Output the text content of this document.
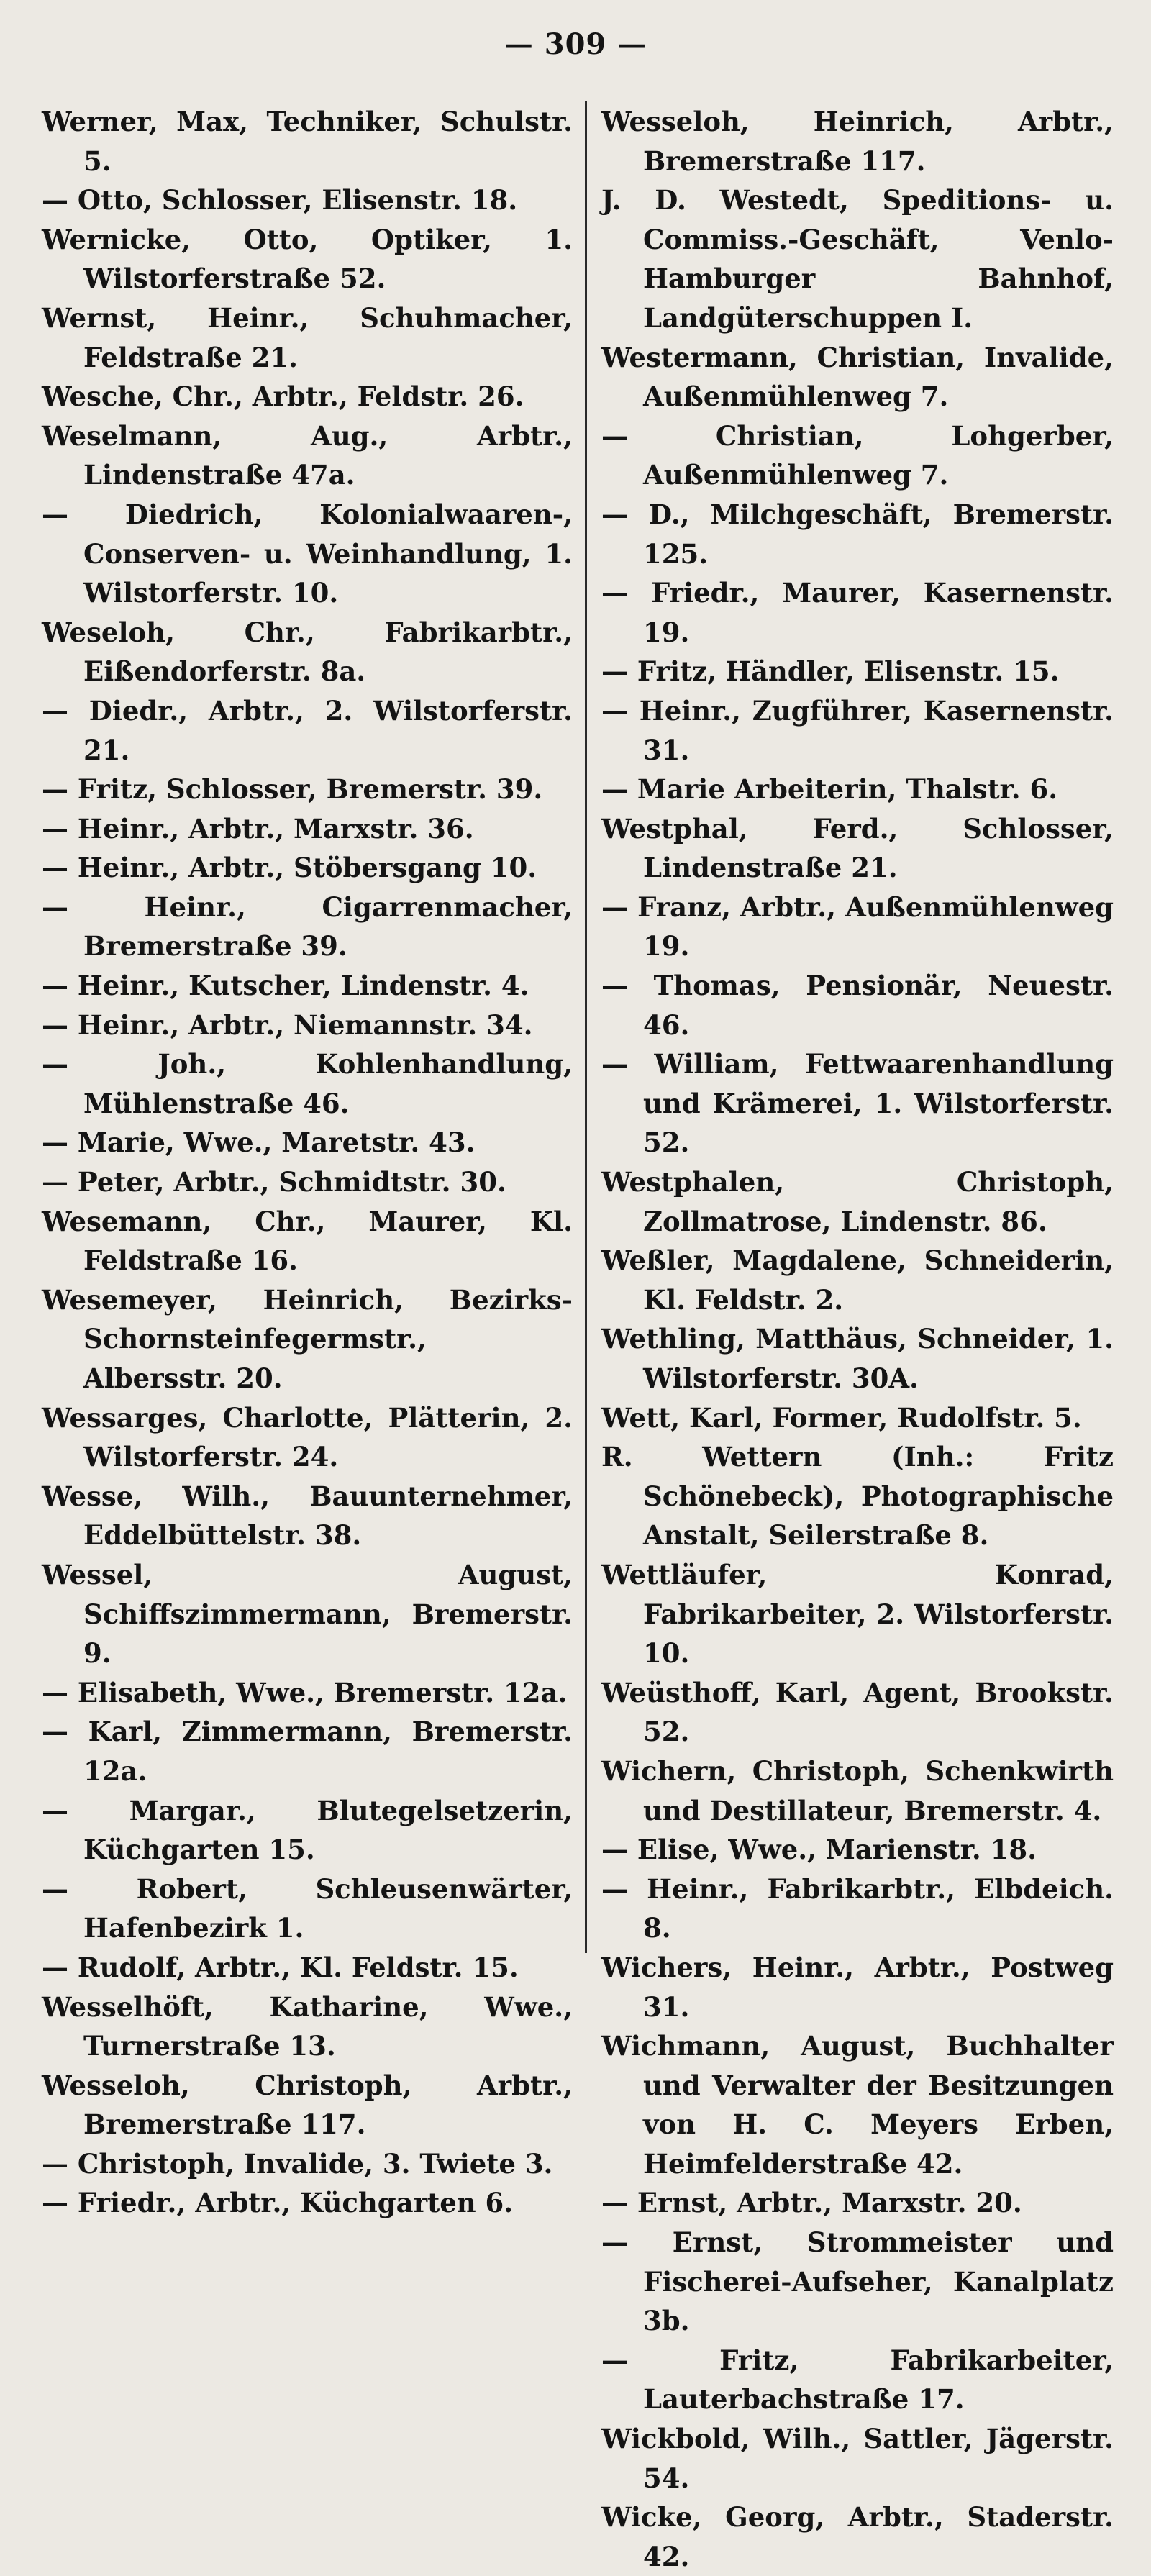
— 309 —

Werner, Max, Techniker, Schulstr. 5.

— Otto, Schlosser, Elisenstr. 18.

Wernicke, Otto, Optiker, 1. Wilstorferstraße 52.

Wernst, Heinr., Schuhmacher, Feldstraße 21.

Wesche, Chr., Arbtr., Feldstr. 26.

Weselmann, Aug., Arbtr., Lindenstraße 47a.

— Diedrich, Kolonialwaaren-, Conserven- u. Weinhandlung, 1. Wilstorferstr. 10.

Weseloh, Chr., Fabrikarbtr., Eißendorferstr. 8a.

— Diedr., Arbtr., 2. Wilstorferstr. 21.

— Fritz, Schlosser, Bremerstr. 39.

— Heinr., Arbtr., Marxstr. 36.

— Heinr., Arbtr., Stöbersgang 10.

— Heinr., Cigarrenmacher, Bremerstraße 39.

— Heinr., Kutscher, Lindenstr. 4.

— Heinr., Arbtr., Niemannstr. 34.

— Joh., Kohlenhandlung, Mühlenstraße 46.

— Marie, Wwe., Maretstr. 43.

— Peter, Arbtr., Schmidtstr. 30.

Wesemann, Chr., Maurer, Kl. Feldstraße 16.

Wesemeyer, Heinrich, Bezirks-Schornsteinfegermstr., Albersstr. 20.

Wessarges, Charlotte, Plätterin, 2. Wilstorferstr. 24.

Wesse, Wilh., Bauunternehmer, Eddelbüttelstr. 38.

Wessel, August, Schiffszimmermann, Bremerstr. 9.

— Elisabeth, Wwe., Bremerstr. 12a.

— Karl, Zimmermann, Bremerstr. 12a.

— Margar., Blutegelsetzerin, Küchgarten 15.

— Robert, Schleusenwärter, Hafenbezirk 1.

— Rudolf, Arbtr., Kl. Feldstr. 15.

Wesselhöft, Katharine, Wwe., Turnerstraße 13.

Wesseloh, Christoph, Arbtr., Bremerstraße 117.

— Christoph, Invalide, 3. Twiete 3.

— Friedr., Arbtr., Küchgarten 6.

Wesseloh, Heinrich, Arbtr., Bremerstraße 117.

J. D. Westedt, Speditions- u. Commiss.-Geschäft, Venlo-Hamburger Bahnhof, Landgüterschuppen I.

Westermann, Christian, Invalide, Außenmühlenweg 7.

— Christian, Lohgerber, Außenmühlenweg 7.

— D., Milchgeschäft, Bremerstr. 125.

— Friedr., Maurer, Kasernenstr. 19.

— Fritz, Händler, Elisenstr. 15.

— Heinr., Zugführer, Kasernenstr. 31.

— Marie Arbeiterin, Thalstr. 6.

Westphal, Ferd., Schlosser, Lindenstraße 21.

— Franz, Arbtr., Außenmühlenweg 19.

— Thomas, Pensionär, Neuestr. 46.

— William, Fettwaarenhandlung und Krämerei, 1. Wilstorferstr. 52.

Westphalen, Christoph, Zollmatrose, Lindenstr. 86.

Weßler, Magdalene, Schneiderin, Kl. Feldstr. 2.

Wethling, Matthäus, Schneider, 1. Wilstorferstr. 30A.

Wett, Karl, Former, Rudolfstr. 5.

R. Wettern (Inh.: Fritz Schönebeck), Photographische Anstalt, Seilerstraße 8.

Wettläufer, Konrad, Fabrikarbeiter, 2. Wilstorferstr. 10.

Weüsthoff, Karl, Agent, Brookstr. 52.

Wichern, Christoph, Schenkwirth und Destillateur, Bremerstr. 4.

— Elise, Wwe., Marienstr. 18.

— Heinr., Fabrikarbtr., Elbdeich. 8.

Wichers, Heinr., Arbtr., Postweg 31.

Wichmann, August, Buchhalter und Verwalter der Besitzungen von H. C. Meyers Erben, Heimfelderstraße 42.

— Ernst, Arbtr., Marxstr. 20.

— Ernst, Strommeister und Fischerei-Aufseher, Kanalplatz 3b.

— Fritz, Fabrikarbeiter, Lauterbachstraße 17.

Wickbold, Wilh., Sattler, Jägerstr. 54.

Wicke, Georg, Arbtr., Staderstr. 42.
